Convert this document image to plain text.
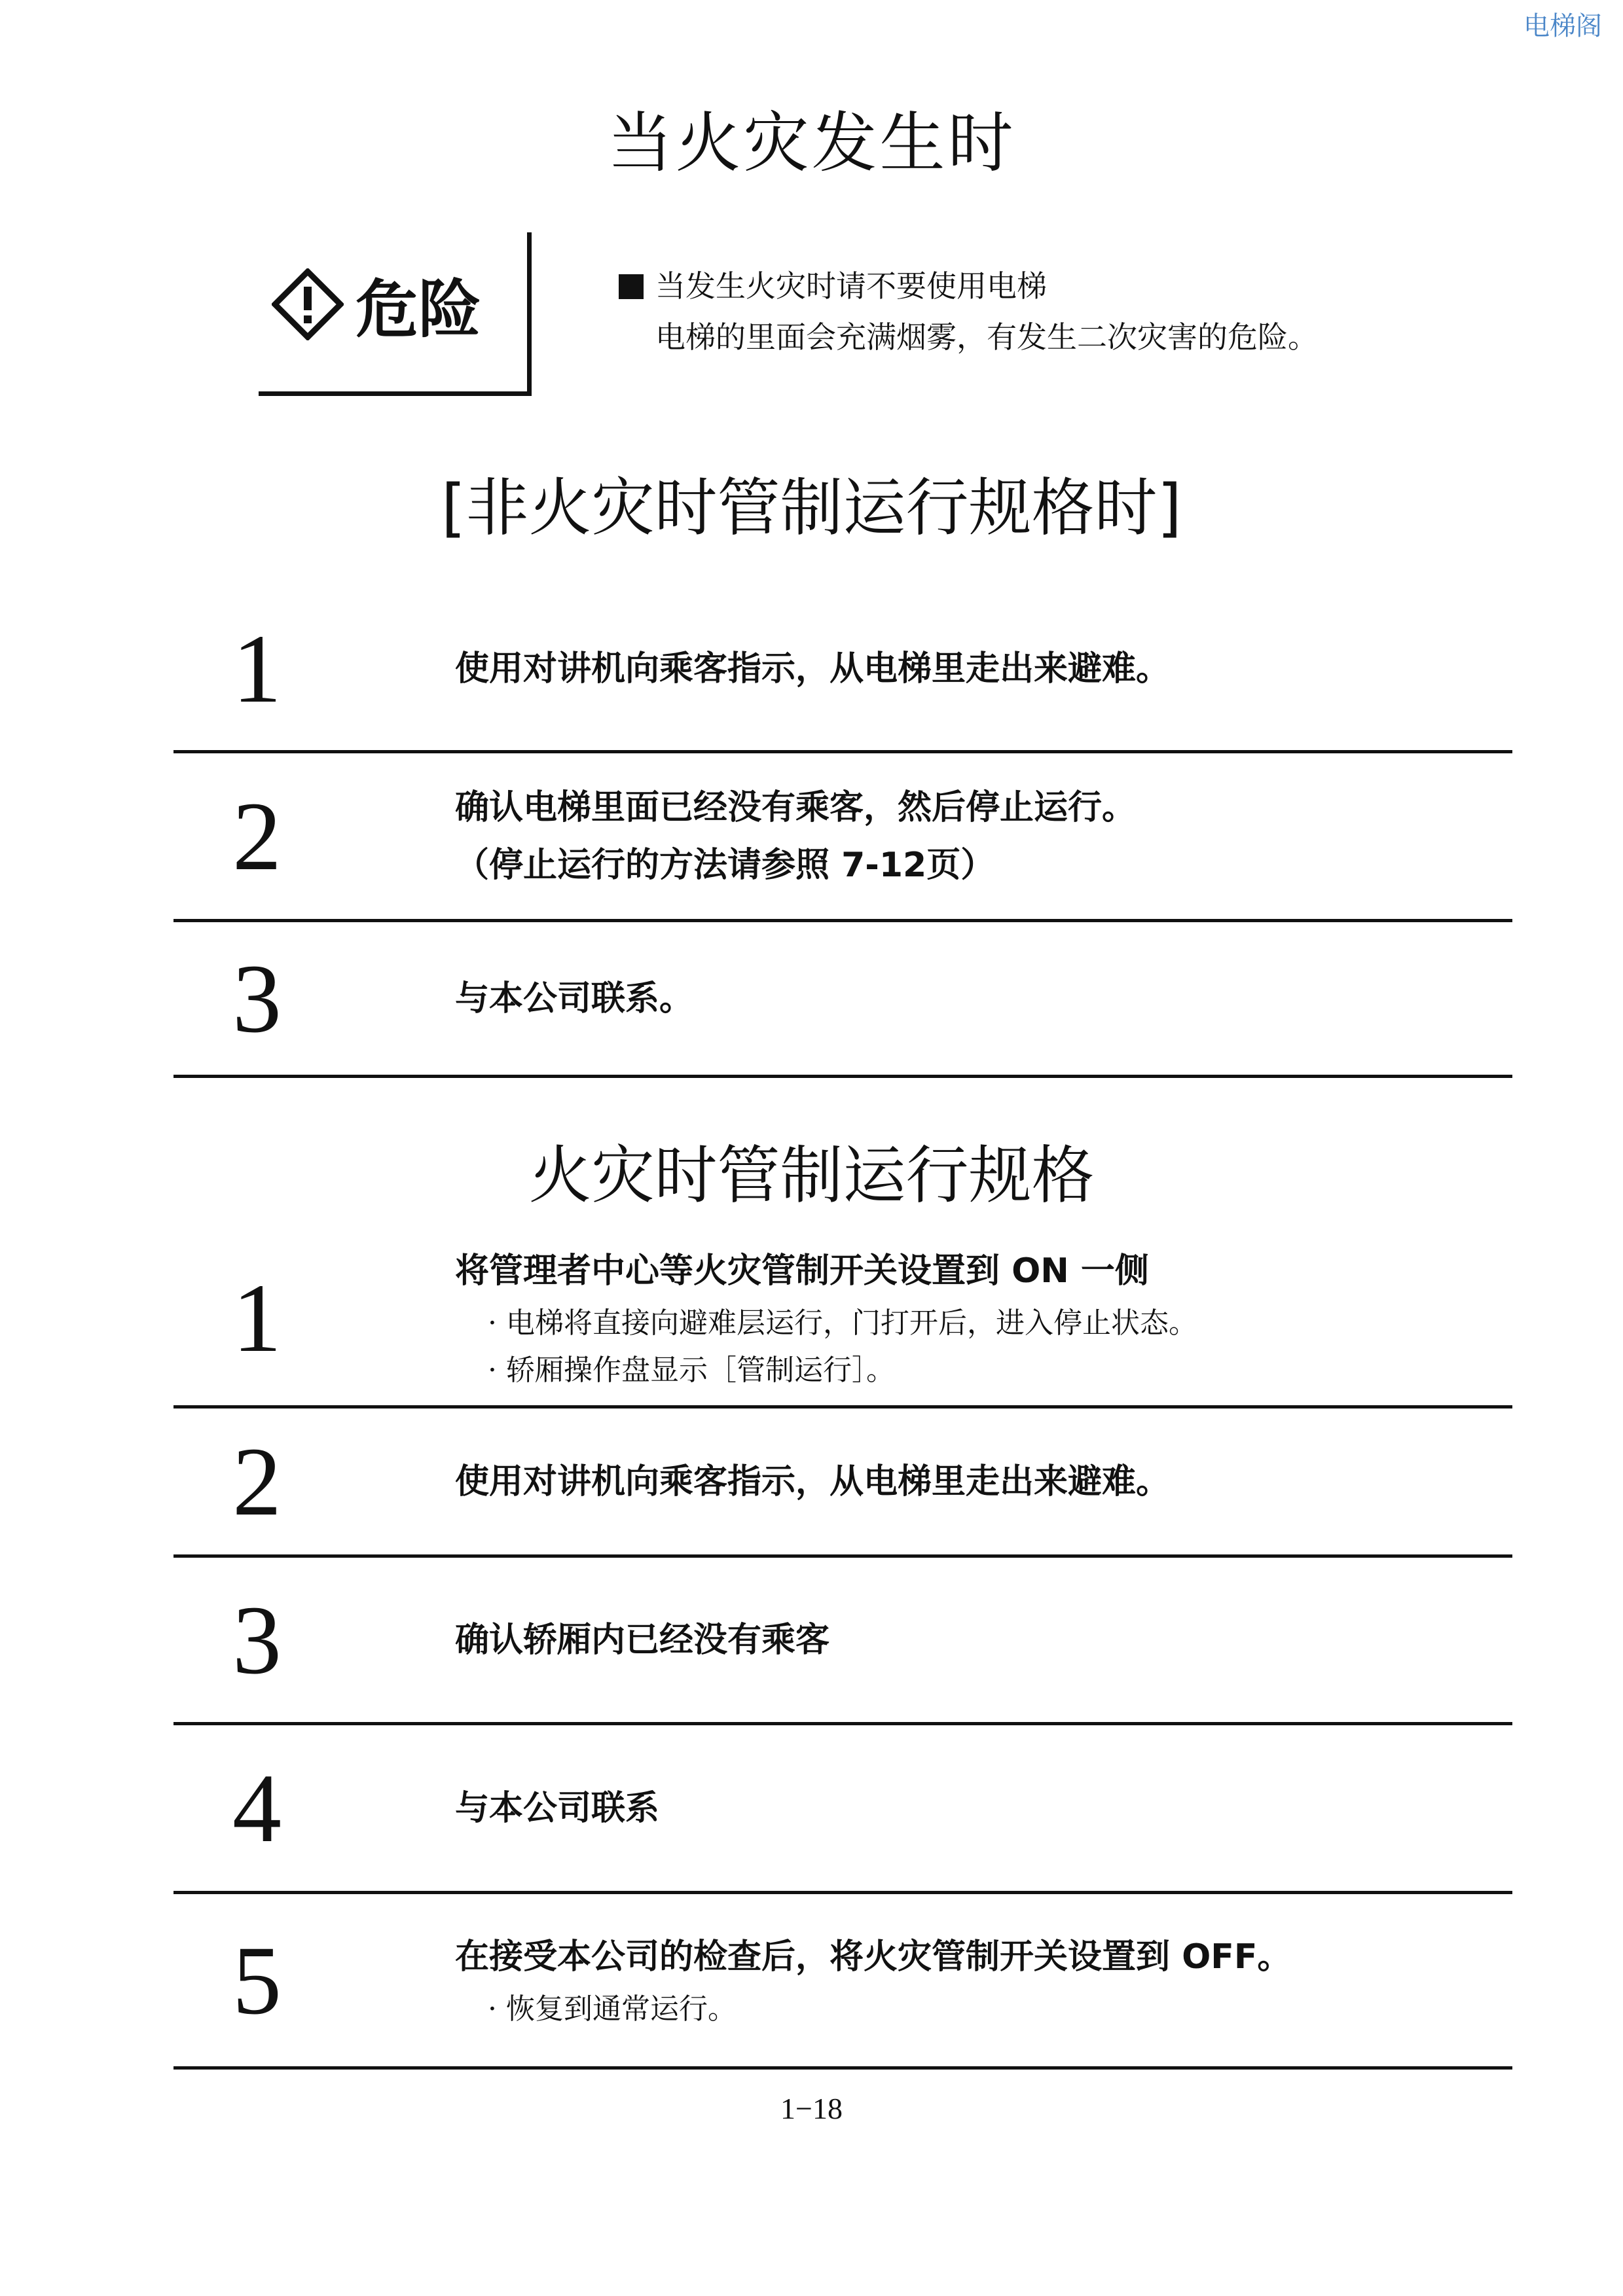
电梯阁
当火灾发生时
危险	当发生火灾时请不要使用电梯
电梯的里面会充满烟雾，有发生二次灾害的危险。
[非火灾时管制运行规格时]
1	使用对讲机向乘客指示，从电梯里走出来避难。
2	确认电梯里面已经没有乘客，然后停止运行。
（停止运行的方法请参照 7-12页）
3	与本公司联系。
火灾时管制运行规格
1	将管理者中心等火灾管制开关设置到 ON 一侧
· 电梯将直接向避难层运行，门打开后，进入停止状态。
· 轿厢操作盘显示［管制运行］。
2	使用对讲机向乘客指示，从电梯里走出来避难。
3	确认轿厢内已经没有乘客
4	与本公司联系
5	在接受本公司的检查后，将火灾管制开关设置到 OFF。
· 恢复到通常运行。
1−18
